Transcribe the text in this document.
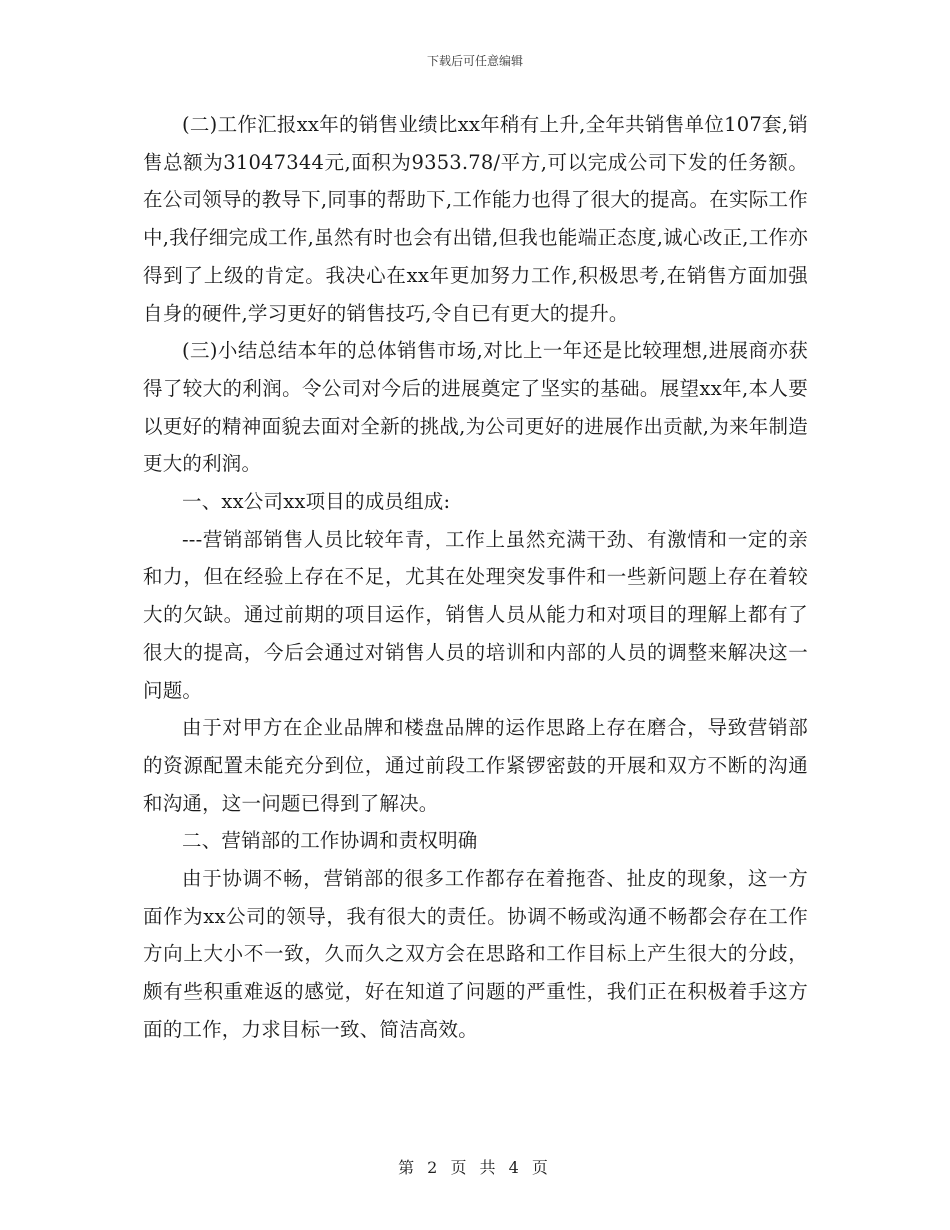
下载后可任意编辑

(二)工作汇报xx年的销售业绩比xx年稍有上升,全年共销售单位107套,销售总额为31047344元,面积为9353.78/平方,可以完成公司下发的任务额。在公司领导的教导下,同事的帮助下,工作能力也得了很大的提高。在实际工作中,我仔细完成工作,虽然有时也会有出错,但我也能端正态度,诚心改正,工作亦得到了上级的肯定。我决心在xx年更加努力工作,积极思考,在销售方面加强自身的硬件,学习更好的销售技巧,令自已有更大的提升。

(三)小结总结本年的总体销售市场,对比上一年还是比较理想,进展商亦获得了较大的利润。令公司对今后的进展奠定了坚实的基础。展望xx年,本人要以更好的精神面貌去面对全新的挑战,为公司更好的进展作出贡献,为来年制造更大的利润。

一、xx公司xx项目的成员组成:

---营销部销售人员比较年青，工作上虽然充满干劲、有激情和一定的亲和力，但在经验上存在不足，尤其在处理突发事件和一些新问题上存在着较大的欠缺。通过前期的项目运作，销售人员从能力和对项目的理解上都有了很大的提高，今后会通过对销售人员的培训和内部的人员的调整来解决这一问题。

由于对甲方在企业品牌和楼盘品牌的运作思路上存在磨合，导致营销部的资源配置未能充分到位，通过前段工作紧锣密鼓的开展和双方不断的沟通和沟通，这一问题已得到了解决。

二、营销部的工作协调和责权明确

由于协调不畅，营销部的很多工作都存在着拖沓、扯皮的现象，这一方面作为xx公司的领导，我有很大的责任。协调不畅或沟通不畅都会存在工作方向上大小不一致，久而久之双方会在思路和工作目标上产生很大的分歧，颇有些积重难返的感觉，好在知道了问题的严重性，我们正在积极着手这方面的工作，力求目标一致、简洁高效。

第 2 页 共 4 页
